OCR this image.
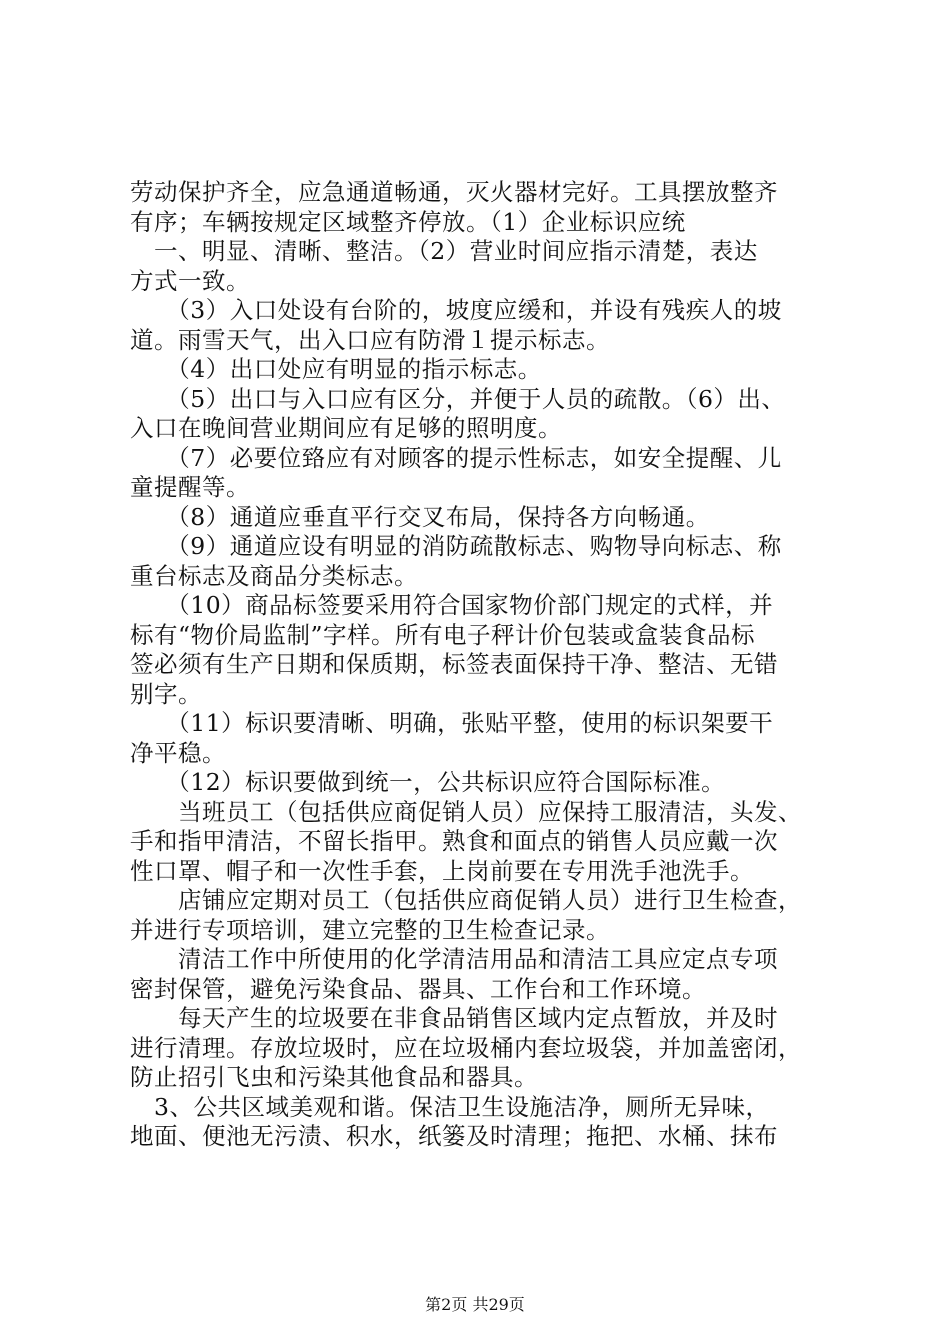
劳动保护齐全，应急通道畅通，灭火器材完好。工具摆放整齐
有序；车辆按规定区域整齐停放。（1）企业标识应统
　一、明显、清晰、整洁。（2）营业时间应指示清楚，表达
方式一致。
　　（3）入口处设有台阶的，坡度应缓和，并设有残疾人的坡
道。雨雪天气，出入口应有防滑１提示标志。
　　（4）出口处应有明显的指示标志。
　　（5）出口与入口应有区分，并便于人员的疏散。（6）出、
入口在晚间营业期间应有足够的照明度。
　　（7）必要位臵应有对顾客的提示性标志，如安全提醒、儿
童提醒等。
　　（8）通道应垂直平行交叉布局，保持各方向畅通。
　　（9）通道应设有明显的消防疏散标志、购物导向标志、称
重台标志及商品分类标志。
　　（10）商品标签要采用符合国家物价部门规定的式样，并
标有“物价局监制”字样。所有电子秤计价包装或盒装食品标
签必须有生产日期和保质期，标签表面保持干净、整洁、无错
别字。
　　（11）标识要清晰、明确，张贴平整，使用的标识架要干
净平稳。
　　（12）标识要做到统一，公共标识应符合国际标准。
　　当班员工（包括供应商促销人员）应保持工服清洁，头发、
手和指甲清洁，不留长指甲。熟食和面点的销售人员应戴一次
性口罩、帽子和一次性手套，上岗前要在专用洗手池洗手。
　　店铺应定期对员工（包括供应商促销人员）进行卫生检查，
并进行专项培训，建立完整的卫生检查记录。
　　清洁工作中所使用的化学清洁用品和清洁工具应定点专项
密封保管，避免污染食品、器具、工作台和工作环境。
　　每天产生的垃圾要在非食品销售区域内定点暂放，并及时
进行清理。存放垃圾时，应在垃圾桶内套垃圾袋，并加盖密闭，
防止招引飞虫和污染其他食品和器具。
　3、公共区域美观和谐。保洁卫生设施洁净，厕所无异味，
地面、便池无污渍、积水，纸篓及时清理；拖把、水桶、抹布
第2页 共29页
